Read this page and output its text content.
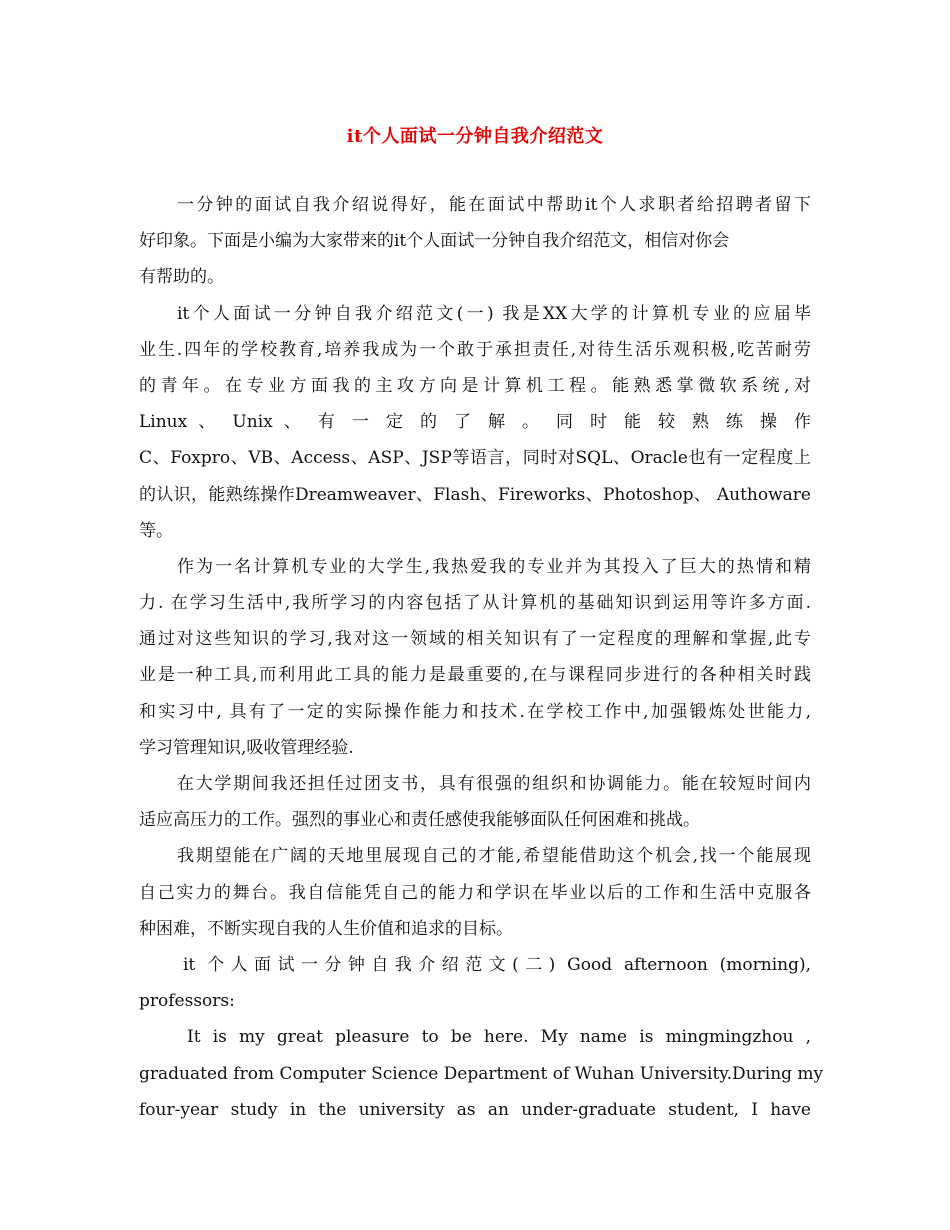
it个人面试一分钟自我介绍范文
一分钟的面试自我介绍说得好，能在面试中帮助it个人求职者给招聘者留下
好印象。下面是小编为大家带来的it个人面试一分钟自我介绍范文，相信对你会
有帮助的。
it个人面试一分钟自我介绍范文(一) 我是XX大学的计算机专业的应届毕
业生.四年的学校教育,培养我成为一个敢于承担责任,对待生活乐观积极,吃苦耐劳
的青年。在专业方面我的主攻方向是计算机工程。能熟悉掌微软系统,对
Linux 、 Unix 、 有 一 定 的 了 解 。 同 时 能 较 熟 练 操 作
C、Foxpro、VB、Access、ASP、JSP等语言，同时对SQL、Oracle也有一定程度上
的认识，能熟练操作Dreamweaver、Flash、Fireworks、Photoshop、 Authoware
等。
作为一名计算机专业的大学生,我热爱我的专业并为其投入了巨大的热情和精
力. 在学习生活中,我所学习的内容包括了从计算机的基础知识到运用等许多方面.
通过对这些知识的学习,我对这一领域的相关知识有了一定程度的理解和掌握,此专
业是一种工具,而利用此工具的能力是最重要的,在与课程同步进行的各种相关时践
和实习中, 具有了一定的实际操作能力和技术.在学校工作中,加强锻炼处世能力,
学习管理知识,吸收管理经验.
在大学期间我还担任过团支书，具有很强的组织和协调能力。能在较短时间内
适应高压力的工作。强烈的事业心和责任感使我能够面队任何困难和挑战。
我期望能在广阔的天地里展现自己的才能,希望能借助这个机会,找一个能展现
自己实力的舞台。我自信能凭自己的能力和学识在毕业以后的工作和生活中克服各
种困难，不断实现自我的人生价值和追求的目标。
it 个人面试一分钟自我介绍范文(二) Good afternoon (morning),
professors:
It is my great pleasure to be here. My name is mingmingzhou ,
graduated from Computer Science Department of Wuhan University.During my
four-year study in the university as an under-graduate student, I have
